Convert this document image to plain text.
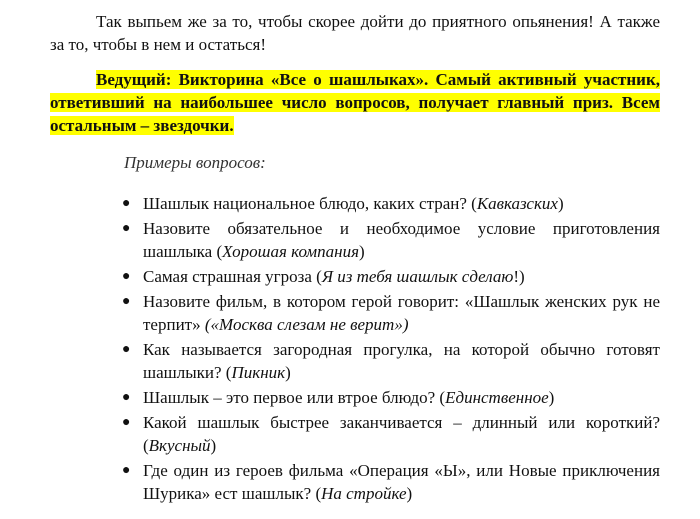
Так выпьем же за то, чтобы скорее дойти до приятного опьянения! А также за то, чтобы в нем и остаться!

Ведущий: Викторина «Все о шашлыках». Самый активный участник, ответивший на наибольшее число вопросов, получает главный приз. Всем остальным – звездочки.

Примеры вопросов:

● Шашлык национальное блюдо, каких стран? (Кавказских)
● Назовите обязательное и необходимое условие приготовления шашлыка (Хорошая компания)
● Самая страшная угроза (Я из тебя шашлык сделаю!)
● Назовите фильм, в котором герой говорит: «Шашлык женских рук не терпит» («Москва слезам не верит»)
● Как называется загородная прогулка, на которой обычно готовят шашлыки? (Пикник)
● Шашлык – это первое или втрое блюдо? (Единственное)
● Какой шашлык быстрее заканчивается – длинный или короткий? (Вкусный)
● Где один из героев фильма «Операция «Ы», или Новые приключения Шурика» ест шашлык? (На стройке)
